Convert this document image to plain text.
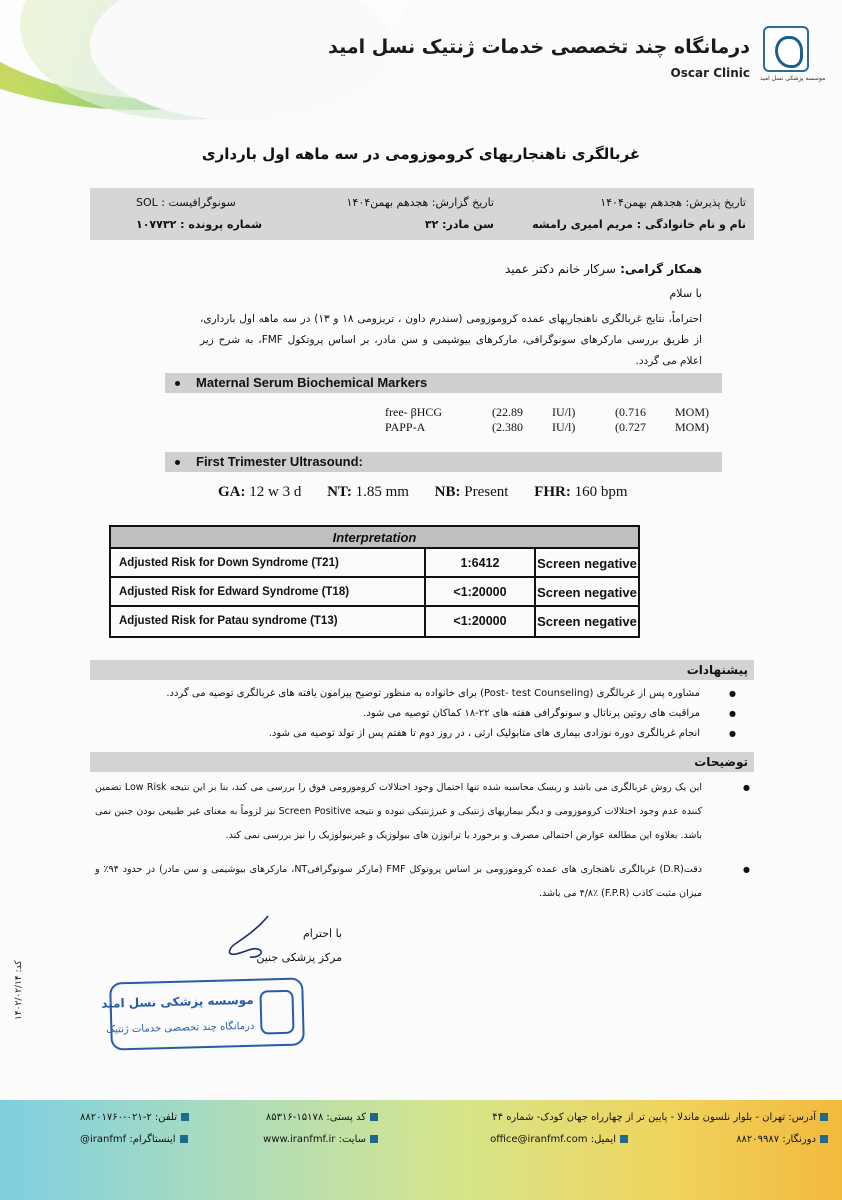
موسسه پزشکی نسل امید
درمانگاه چند تخصصی خدمات ژنتیک نسل امید
Oscar Clinic
غربالگری ناهنجاریهای کروموزومی در سه ماهه اول بارداری
تاریخ پذیرش: هجدهم بهمن۱۴۰۴
تاریخ گزارش: هجدهم بهمن۱۴۰۴
سونوگرافیست : SOL
نام و نام خانوادگی : مریم امیری رامشه
سن مادر: ۳۲
شماره پرونده : ۱۰۷۷۳۲
همکار گرامی: سرکار خانم دکتر عمید
با سلام
احتراماً، نتایج غربالگری ناهنجاریهای عمده کروموزومی (سندرم داون ، تریزومی ۱۸ و ۱۳) در سه ماهه اول بارداری، از طریق بررسی مارکرهای سونوگرافی، مارکرهای بیوشیمی و سن مادر، بر اساس پروتکول FMF، به شرح زیر اعلام می گردد.
Maternal Serum Biochemical Markers
free- βHCG	(22.89 IU/l)	(0.716 MOM)
PAPP-A	(2.380 IU/l)	(0.727 MOM)
First Trimester Ultrasound:
GA: 12 w 3 d NT: 1.85 mm NB: Present FHR: 160 bpm
Interpretation
Adjusted Risk for Down Syndrome (T21)	1:6412	Screen negative
Adjusted Risk for Edward Syndrome (T18)	<1:20000	Screen negative
Adjusted Risk for Patau syndrome (T13)	<1:20000	Screen negative
پیشنهادات
● مشاوره پس از غربالگری (Post- test Counseling) برای خانواده به منظور توضیح پیرامون یافته های غربالگری توصیه می گردد.
● مراقبت های روتین پرناتال و سونوگرافی هفته های ۲۲-۱۸ کماکان توصیه می شود.
● انجام غربالگری دوره نوزادی بیماری های متابولیک ارثی ، در روز دوم تا هفتم پس از تولد توصیه می شود.
توضیحات
●
این یک روش غربالگری می باشد و ریسک محاسبه شده تنها احتمال وجود اختلالات کروموزومی فوق را بررسی می کند، بنا بر این نتیجه Low Risk تضمین کننده عدم وجود اختلالات کروموزومی و دیگر بیماریهای ژنتیکی و غیرژنتیکی نبوده و نتیجه Screen Positive نیز لزوماً به معنای غیر طبیعی بودن جنین نمی باشد. بعلاوه این مطالعه عوارض احتمالی مصرف و برخورد با تراتوژن های بیولوژیک و غیربیولوژیک را نیز بررسی نمی کند.
●
دقت(D.R) غربالگری ناهنجاری های عمده کروموزومی بر اساس پروتوکل FMF (مارکر سونوگرافیNT، مارکرهای بیوشیمی و سن مادر) در حدود ۹۴٪ و میزان مثبت کاذب (F.P.R) ۴/۸٪ می باشد.
با احترام
مرکز پزشکی جنین
موسسه پزشکی نسل امید
درمانگاه چند تخصصی خدمات ژنتیک
کد: ۱۴۰۲/۰۲/۱۴
آدرس: تهران - بلوار نلسون ماندلا - پایین تر از چهارراه جهان کودک- شماره ۴۴
کد پستی: ۱۵۱۷۸-۸۵۳۱۶
تلفن: ۲-۰۲۱-۸۸۲۰۱۷۶۰
دورنگار: ۸۸۲۰۹۹۸۷
ایمیل: office@iranfmf.com
سایت: www.iranfmf.ir
اینستاگرام: iranfmf@
